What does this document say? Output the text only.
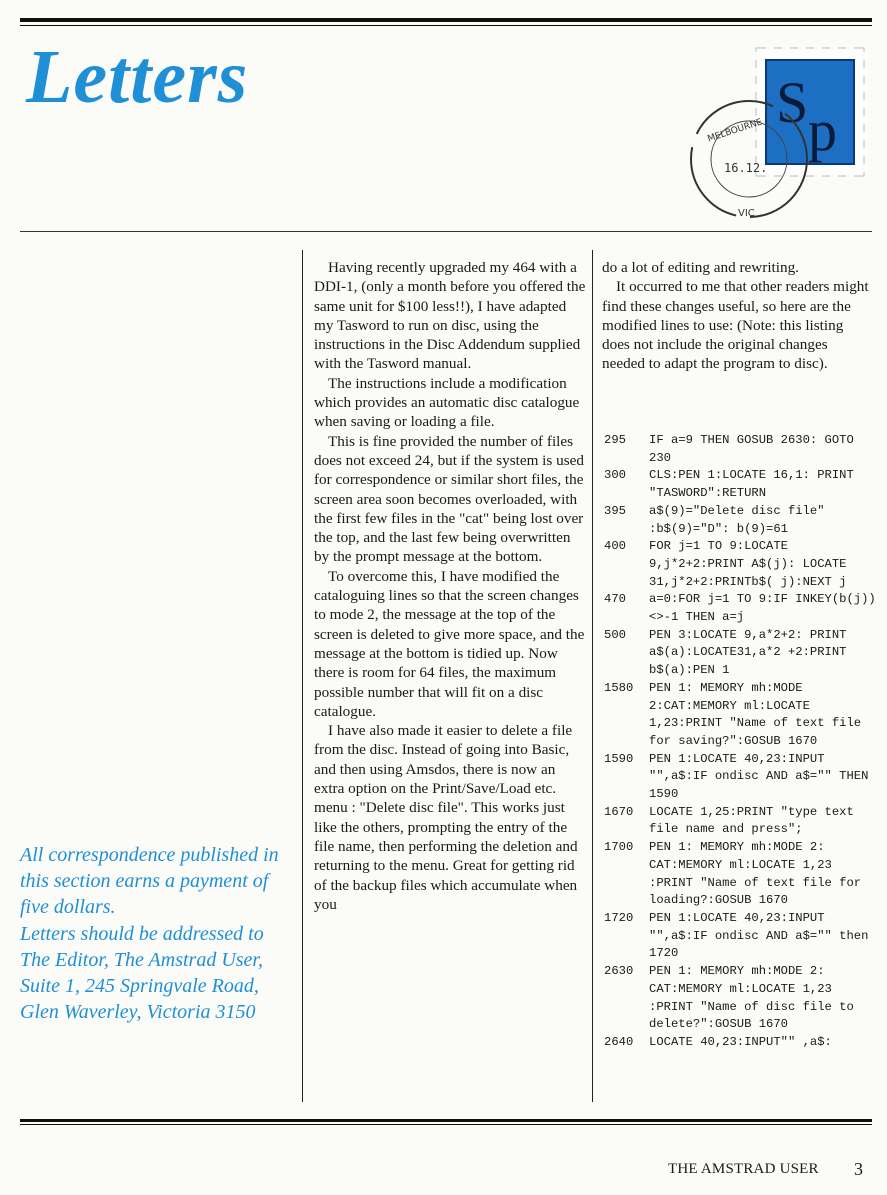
Letters	S p
MELBOURNE
16.12.
VIC

Having recently upgraded my 464 with a DDI-1, (only a month before you offered the same unit for $100 less!!), I have adapted my Tasword to run on disc, using the instructions in the Disc Addendum supplied with the Tasword manual.

The instructions include a modification which provides an automatic disc catalogue when saving or loading a file.

This is fine provided the number of files does not exceed 24, but if the system is used for correspondence or similar short files, the screen area soon becomes overloaded, with the first few files in the "cat" being lost over the top, and the last few being overwritten by the prompt message at the bottom.

To overcome this, I have modified the cataloguing lines so that the screen changes to mode 2, the message at the top of the screen is deleted to give more space, and the message at the bottom is tidied up. Now there is room for 64 files, the maximum possible number that will fit on a disc catalogue.

I have also made it easier to delete a file from the disc. Instead of going into Basic, and then using Amsdos, there is now an extra option on the Print/Save/Load etc. menu : "Delete disc file". This works just like the others, prompting the entry of the file name, then performing the deletion and returning to the menu. Great for getting rid of the backup files which accumulate when you

do a lot of editing and rewriting.

It occurred to me that other readers might find these changes useful, so here are the modified lines to use: (Note: this listing does not include the original changes needed to adapt the program to disc).

295	IF a=9 THEN GOSUB 2630: GOTO 230
300	CLS:PEN 1:LOCATE 16,1: PRINT "TASWORD":RETURN
395	a$(9)="Delete disc file" :b$(9)="D": b(9)=61
400	FOR j=1 TO 9:LOCATE 9,j*2+2:PRINT A$(j): LOCATE 31,j*2+2:PRINTb$( j):NEXT j
470	a=0:FOR j=1 TO 9:IF INKEY(b(j))<>-1 THEN a=j
500	PEN 3:LOCATE 9,a*2+2: PRINT a$(a):LOCATE31,a*2 +2:PRINT b$(a):PEN 1
1580	PEN 1: MEMORY mh:MODE 2:CAT:MEMORY ml:LOCATE 1,23:PRINT "Name of text file for saving?":GOSUB 1670
1590	PEN 1:LOCATE 40,23:INPUT "",a$:IF ondisc AND a$="" THEN 1590
1670	LOCATE 1,25:PRINT "type text file name and press";
1700	PEN 1: MEMORY mh:MODE 2: CAT:MEMORY ml:LOCATE 1,23 :PRINT "Name of text file for loading?:GOSUB 1670
1720	PEN 1:LOCATE 40,23:INPUT "",a$:IF ondisc AND a$="" then 1720
2630	PEN 1: MEMORY mh:MODE 2: CAT:MEMORY ml:LOCATE 1,23 :PRINT "Name of disc file to delete?":GOSUB 1670
2640	LOCATE 40,23:INPUT"" ,a$:

All correspondence published in this section earns a payment of five dollars.

Letters should be addressed to The Editor, The Amstrad User, Suite 1, 245 Springvale Road, Glen Waverley, Victoria 3150

THE AMSTRAD USER 3
